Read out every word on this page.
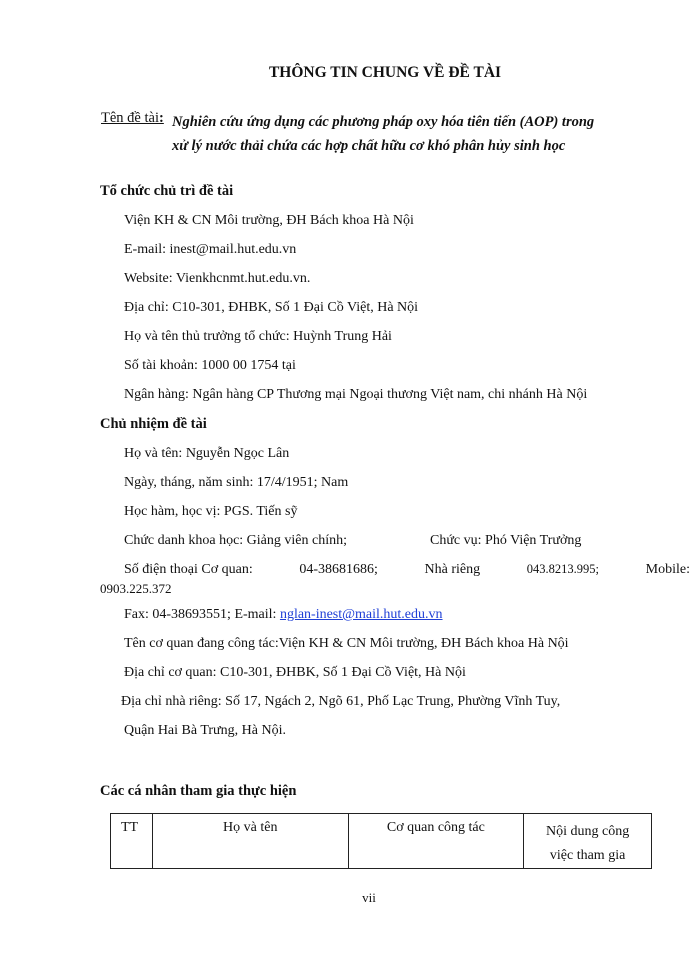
THÔNG TIN CHUNG VỀ ĐỀ TÀI
Tên đề tài: Nghiên cứu ứng dụng các phương pháp oxy hóa tiên tiến (AOP) trong
xử lý nước thải chứa các hợp chất hữu cơ khó phân hủy sinh học
Tổ chức chủ trì đề tài
Viện KH & CN Môi trường, ĐH Bách khoa Hà Nội
E-mail: inest@mail.hut.edu.vn
Website: Vienkhcnmt.hut.edu.vn.
Địa chỉ: C10-301, ĐHBK, Số 1 Đại Cồ Việt, Hà Nội
Họ và tên thủ trưởng tổ chức: Huỳnh Trung Hải
Số tài khoản: 1000 00 1754 tại
Ngân hàng: Ngân hàng CP Thương mại Ngoại thương Việt nam, chi nhánh Hà Nội
Chủ nhiệm đề tài
Họ và tên: Nguyễn Ngọc Lân
Ngày, tháng, năm sinh: 17/4/1951; Nam
Học hàm, học vị: PGS. Tiến sỹ
Chức danh khoa học: Giảng viên chính;	Chức vụ: Phó Viện Trưởng
Số điện thoại Cơ quan:	04-38681686;	Nhà riêng	043.8213.995;	Mobile:
0903.225.372
Fax: 04-38693551; E-mail: nglan-inest@mail.hut.edu.vn
Tên cơ quan đang công tác:Viện KH & CN Môi trường, ĐH Bách khoa Hà Nội
Địa chỉ cơ quan: C10-301, ĐHBK, Số 1 Đại Cồ Việt, Hà Nội
Địa chỉ nhà riêng: Số 17, Ngách 2, Ngõ 61, Phố Lạc Trung, Phường Vĩnh Tuy,
Quận Hai Bà Trưng, Hà Nội.
Các cá nhân tham gia thực hiện
TT	Họ và tên	Cơ quan công tác	Nội dung công
việc tham gia
vii
